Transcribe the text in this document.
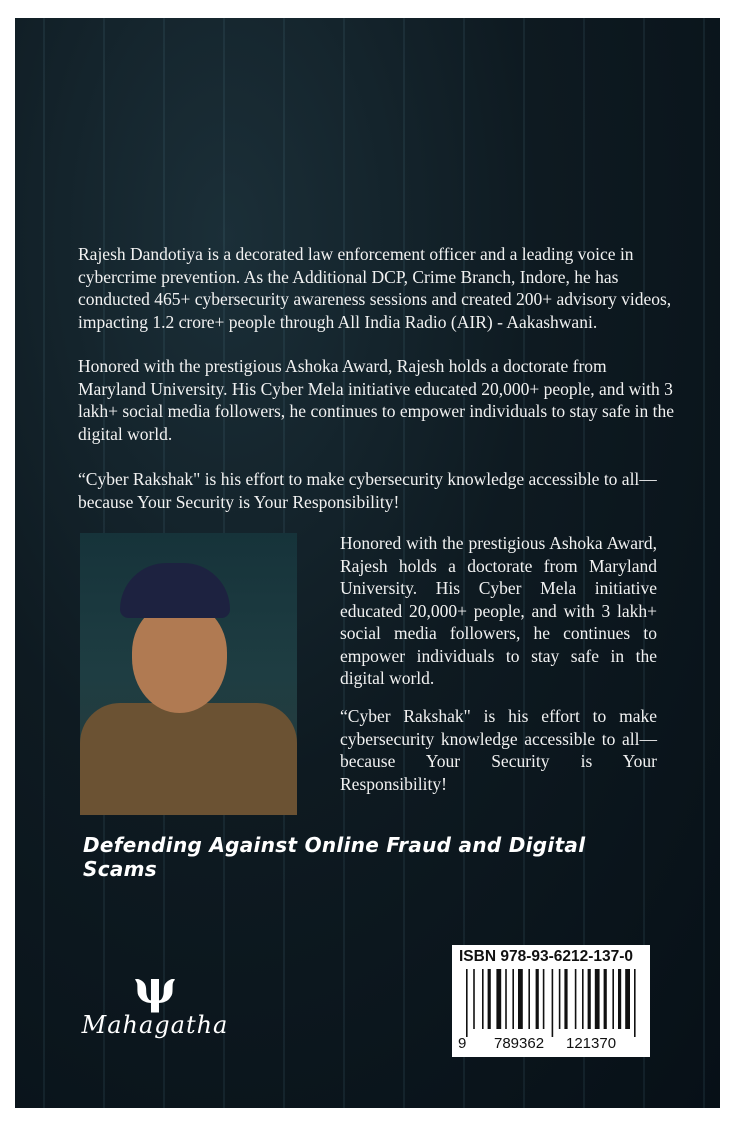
Rajesh Dandotiya is a decorated law enforcement officer and a leading voice in cybercrime prevention. As the Additional DCP, Crime Branch, Indore, he has conducted 465+ cybersecurity awareness sessions and created 200+ advisory videos, impacting 1.2 crore+ people through All India Radio (AIR) - Aakashwani.

Honored with the prestigious Ashoka Award, Rajesh holds a doctorate from Maryland University. His Cyber Mela initiative educated 20,000+ people, and with 3 lakh+ social media followers, he continues to empower individuals to stay safe in the digital world.

“Cyber Rakshak" is his effort to make cybersecurity knowledge accessible to all—because Your Security is Your Responsibility!

Honored with the prestigious Ashoka Award, Rajesh holds a doctorate from Maryland University. His Cyber Mela initiative educated 20,000+ people, and with 3 lakh+ social media followers, he continues to empower individuals to stay safe in the digital world.

“Cyber Rakshak" is his effort to make cybersecurity knowledge accessible to all—because Your Security is Your Responsibility!

Defending Against Online Fraud and Digital Scams
ψ
Mahagatha
ISBN 978-93-6212-137-0
9 789362 121370
